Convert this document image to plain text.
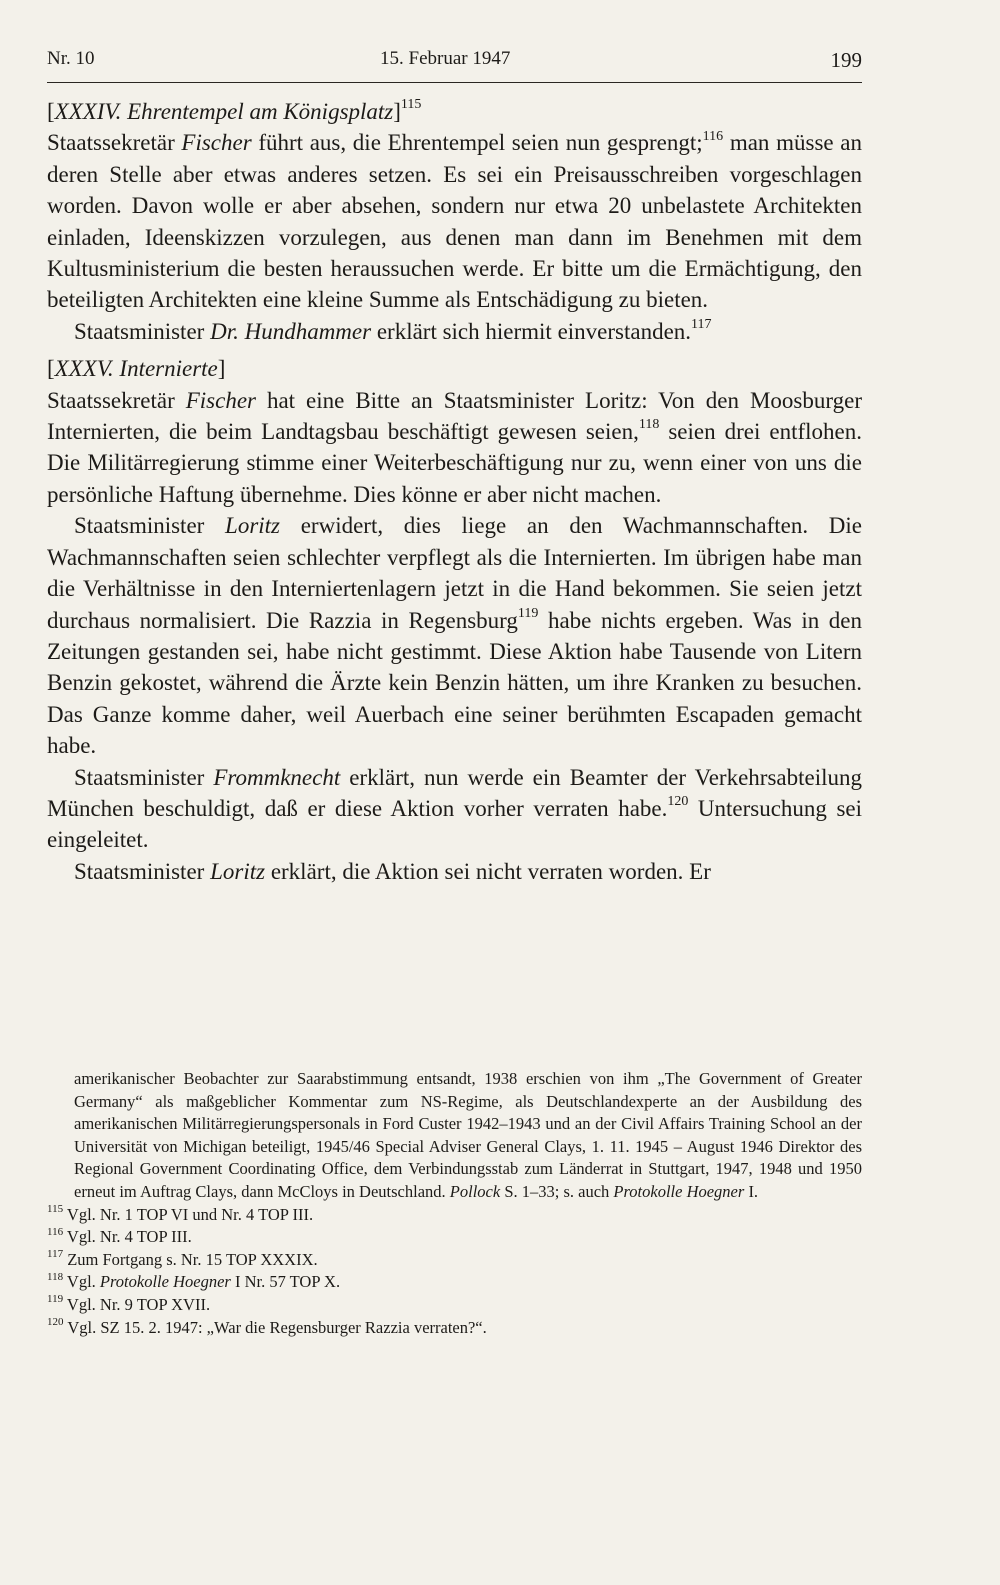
Nr. 10	15. Februar 1947	199

[XXXIV. Ehrentempel am Königsplatz]$^{115}$

Staatssekretär Fischer führt aus, die Ehrentempel seien nun gesprengt;$^{116}$ man müsse an deren Stelle aber etwas anderes setzen. Es sei ein Preisausschreiben vorgeschlagen worden. Davon wolle er aber absehen, sondern nur etwa 20 unbelastete Architekten einladen, Ideenskizzen vorzulegen, aus denen man dann im Benehmen mit dem Kultusministerium die besten heraussuchen werde. Er bitte um die Ermächtigung, den beteiligten Architekten eine kleine Summe als Entschädigung zu bieten.

Staatsminister Dr. Hundhammer erklärt sich hiermit einverstanden.$^{117}$

[XXXV. Internierte]

Staatssekretär Fischer hat eine Bitte an Staatsminister Loritz: Von den Moosburger Internierten, die beim Landtagsbau beschäftigt gewesen seien,$^{118}$ seien drei entflohen. Die Militärregierung stimme einer Weiterbeschäftigung nur zu, wenn einer von uns die persönliche Haftung übernehme. Dies könne er aber nicht machen.

Staatsminister Loritz erwidert, dies liege an den Wachmannschaften. Die Wachmannschaften seien schlechter verpflegt als die Internierten. Im übrigen habe man die Verhältnisse in den Interniertenlagern jetzt in die Hand bekommen. Sie seien jetzt durchaus normalisiert. Die Razzia in Regensburg$^{119}$ habe nichts ergeben. Was in den Zeitungen gestanden sei, habe nicht gestimmt. Diese Aktion habe Tausende von Litern Benzin gekostet, während die Ärzte kein Benzin hätten, um ihre Kranken zu besuchen. Das Ganze komme daher, weil Auerbach eine seiner berühmten Escapaden gemacht habe.

Staatsminister Frommknecht erklärt, nun werde ein Beamter der Verkehrsabteilung München beschuldigt, daß er diese Aktion vorher verraten habe.$^{120}$ Untersuchung sei eingeleitet.

Staatsminister Loritz erklärt, die Aktion sei nicht verraten worden. Er

amerikanischer Beobachter zur Saarabstimmung entsandt, 1938 erschien von ihm „The Government of Greater Germany“ als maßgeblicher Kommentar zum NS-Regime, als Deutschlandexperte an der Ausbildung des amerikanischen Militärregierungspersonals in Ford Custer 1942–1943 und an der Civil Affairs Training School an der Universität von Michigan beteiligt, 1945/46 Special Adviser General Clays, 1. 11. 1945 – August 1946 Direktor des Regional Government Coordinating Office, dem Verbindungsstab zum Länderrat in Stuttgart, 1947, 1948 und 1950 erneut im Auftrag Clays, dann McCloys in Deutschland. Pollock S. 1–33; s. auch Protokolle Hoegner I.

$^{115}$ Vgl. Nr. 1 TOP VI und Nr. 4 TOP III.

$^{116}$ Vgl. Nr. 4 TOP III.

$^{117}$ Zum Fortgang s. Nr. 15 TOP XXXIX.

$^{118}$ Vgl. Protokolle Hoegner I Nr. 57 TOP X.

$^{119}$ Vgl. Nr. 9 TOP XVII.

$^{120}$ Vgl. SZ 15. 2. 1947: „War die Regensburger Razzia verraten?“.
